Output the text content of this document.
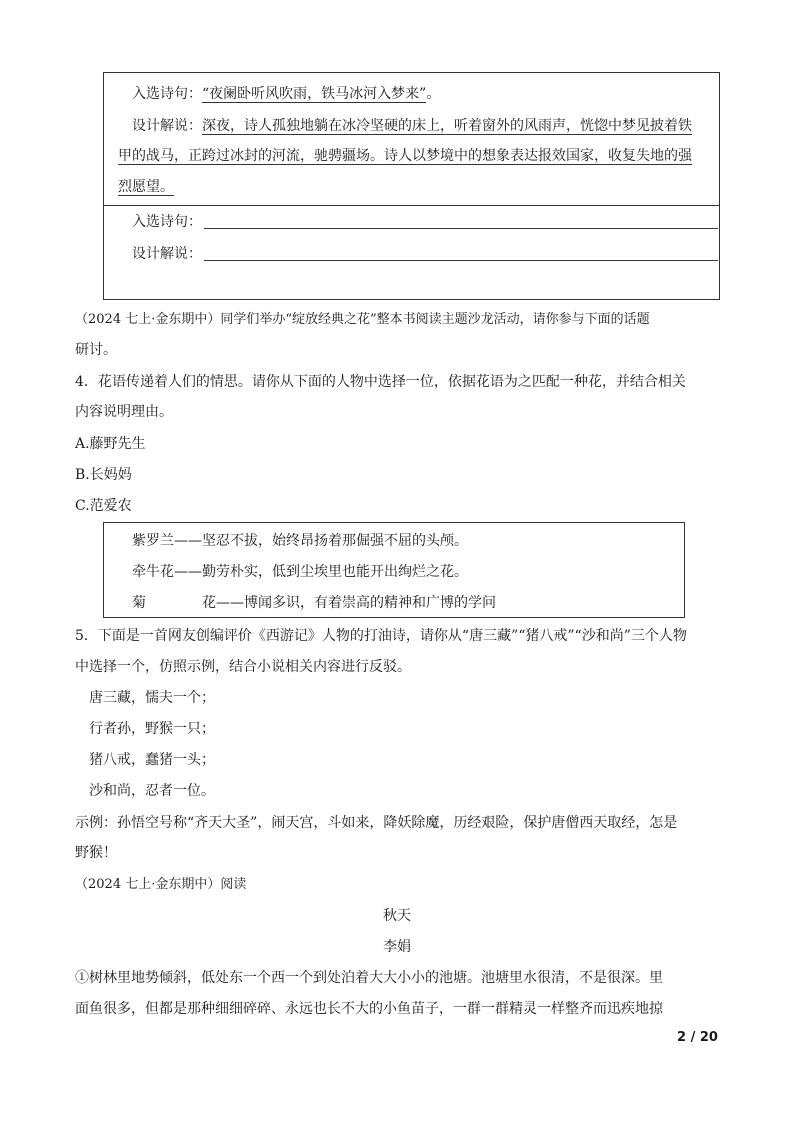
入选诗句：“夜阑卧听风吹雨，铁马冰河入梦来”。
设计解说：深夜，诗人孤独地躺在冰冷坚硬的床上，听着窗外的风雨声，恍惚中梦见披着铁
甲的战马，正跨过冰封的河流，驰骋疆场。诗人以梦境中的想象表达报效国家，收复失地的强
烈愿望。
入选诗句：
设计解说：
（2024 七上·金东期中）同学们举办“绽放经典之花”整本书阅读主题沙龙活动，请你参与下面的话题
研讨。
4．花语传递着人们的情思。请你从下面的人物中选择一位，依据花语为之匹配一种花，并结合相关
内容说明理由。
A.藤野先生
B.长妈妈
C.范爱农
紫罗兰——坚忍不拔，始终昂扬着那倔强不屈的头颅。
牵牛花——勤劳朴实，低到尘埃里也能开出绚烂之花。
菊	花——博闻多识，有着崇高的精神和广博的学问
5．下面是一首网友创编评价《西游记》人物的打油诗，请你从“唐三藏”“猪八戒”“沙和尚”三个人物
中选择一个，仿照示例，结合小说相关内容进行反驳。
唐三藏，懦夫一个；
行者孙，野猴一只；
猪八戒，蠢猪一头；
沙和尚，忍者一位。
示例：孙悟空号称“齐天大圣”，闹天宫，斗如来，降妖除魔，历经艰险，保护唐僧西天取经，怎是
野猴！
（2024 七上·金东期中）阅读
秋天
李娟
①树林里地势倾斜，低处东一个西一个到处泊着大大小小的池塘。池塘里水很清，不是很深。里
面鱼很多，但都是那种细细碎碎、永远也长不大的小鱼苗子，一群一群精灵一样整齐而迅疾地掠
2 / 20
